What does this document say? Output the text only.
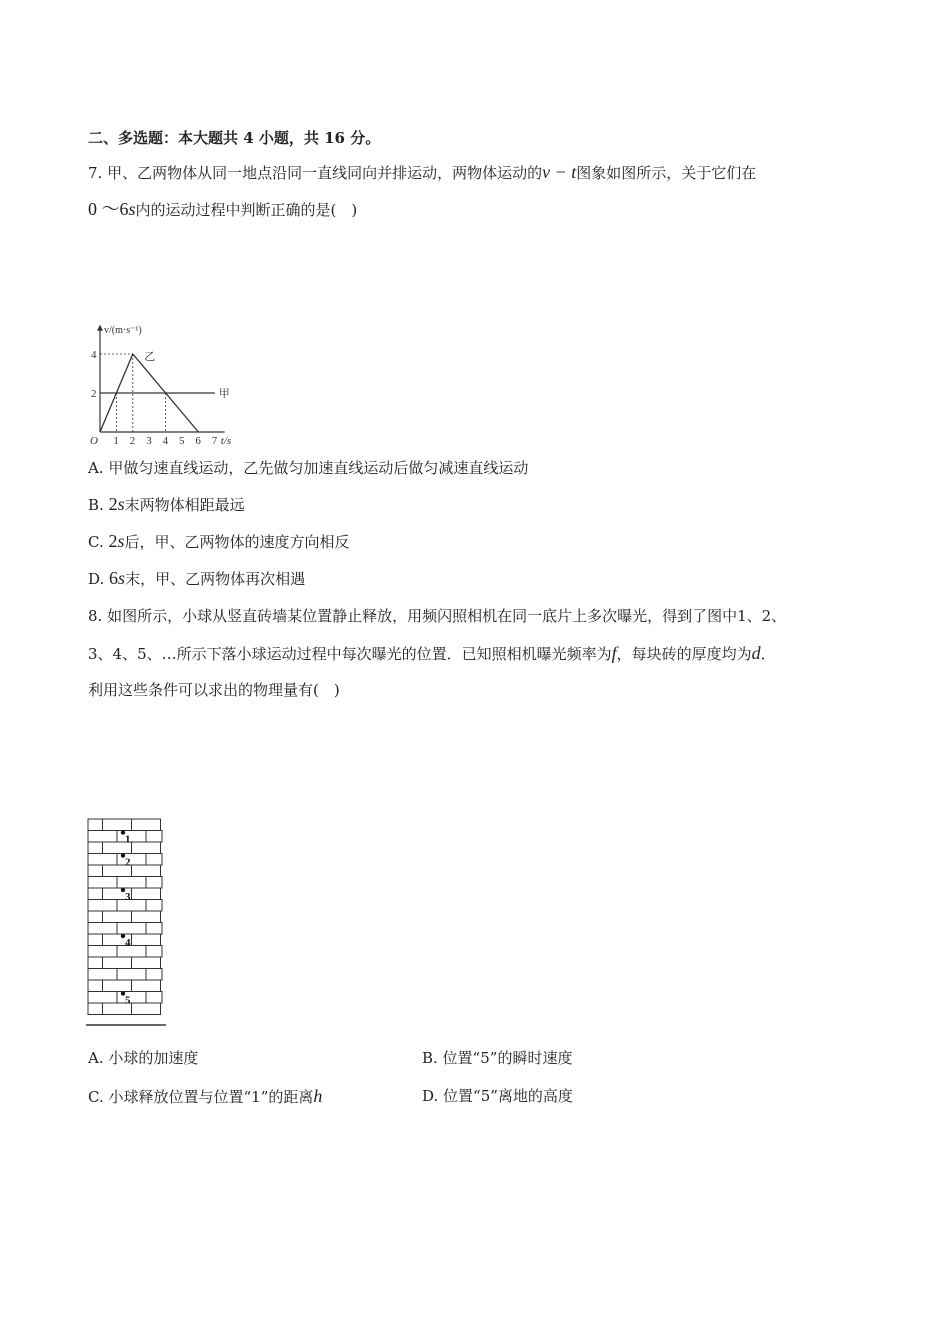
二、多选题：本大题共 4 小题，共 16 分。
7. 甲、乙两物体从同一地点沿同一直线同向并排运动，两物体运动的v − t图象如图所示，关于它们在
0 ～6s内的运动过程中判断正确的是(　)
v/(m·s⁻¹)
O	t/s
1 2 3 4 5 6 7
2
4
甲
乙
A. 甲做匀速直线运动，乙先做匀加速直线运动后做匀减速直线运动
B. 2s末两物体相距最远
C. 2s后，甲、乙两物体的速度方向相反
D. 6s末，甲、乙两物体再次相遇
8. 如图所示，小球从竖直砖墙某位置静止释放，用频闪照相机在同一底片上多次曝光，得到了图中1、2、
3、4、5、…所示下落小球运动过程中每次曝光的位置．已知照相机曝光频率为f，每块砖的厚度均为d．
利用这些条件可以求出的物理量有(　)
1
2
3
4
5
A. 小球的加速度	B. 位置“5”的瞬时速度
C. 小球释放位置与位置“1”的距离h	D. 位置“5”离地的高度
